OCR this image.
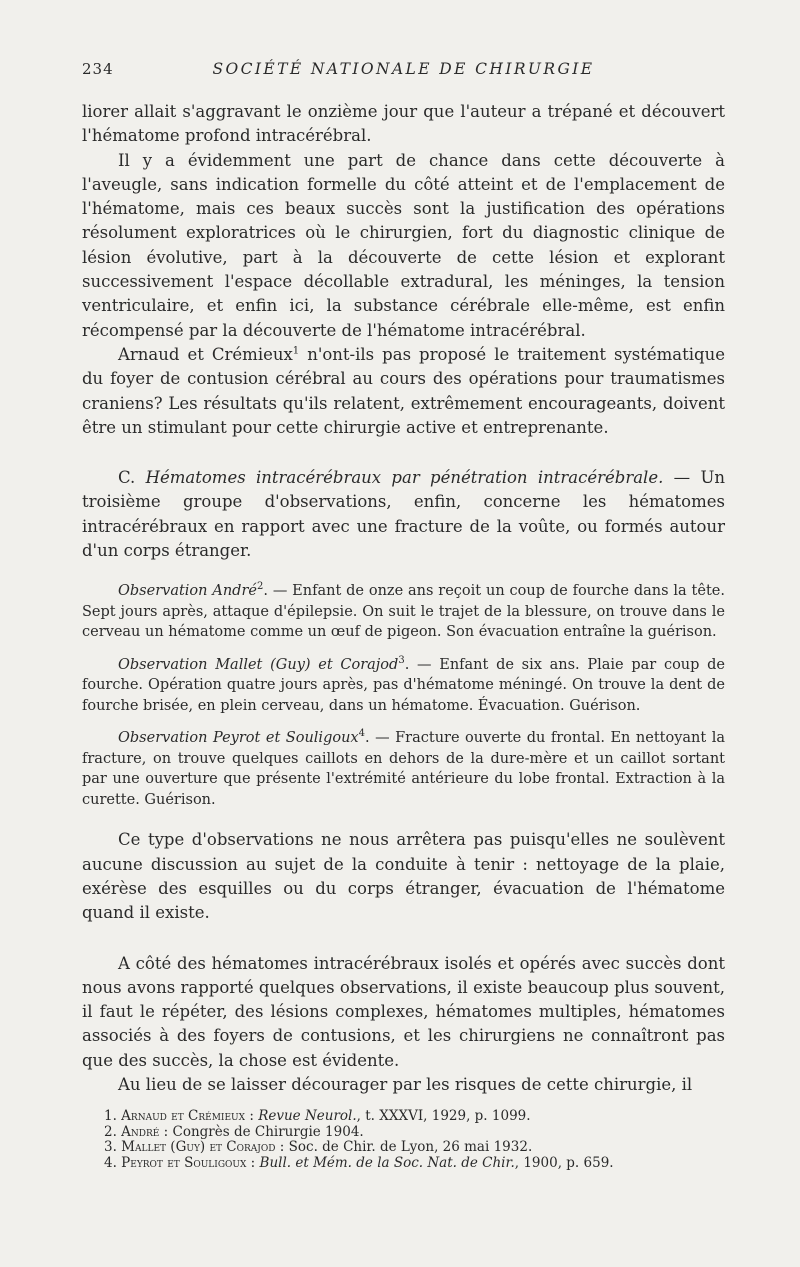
234	SOCIÉTÉ NATIONALE DE CHIRURGIE

liorer allait s'aggravant le onzième jour que l'auteur a trépané et découvert l'hématome profond intracérébral.

Il y a évidemment une part de chance dans cette découverte à l'aveugle, sans indication formelle du côté atteint et de l'emplacement de l'hématome, mais ces beaux succès sont la justification des opérations résolument exploratrices où le chirurgien, fort du diagnostic clinique de lésion évolutive, part à la découverte de cette lésion et explorant successivement l'espace décollable extradural, les méninges, la tension ventriculaire, et enfin ici, la substance cérébrale elle-même, est enfin récompensé par la découverte de l'hématome intracérébral.

Arnaud et Crémieux$^1$ n'ont-ils pas proposé le traitement systématique du foyer de contusion cérébral au cours des opérations pour traumatismes craniens? Les résultats qu'ils relatent, extrêmement encourageants, doivent être un stimulant pour cette chirurgie active et entreprenante.

C. Hématomes intracérébraux par pénétration intracérébrale. — Un troisième groupe d'observations, enfin, concerne les hématomes intracérébraux en rapport avec une fracture de la voûte, ou formés autour d'un corps étranger.

Observation André$^2$. — Enfant de onze ans reçoit un coup de fourche dans la tête. Sept jours après, attaque d'épilepsie. On suit le trajet de la blessure, on trouve dans le cerveau un hématome comme un œuf de pigeon. Son évacuation entraîne la guérison.

Observation Mallet (Guy) et Corajod$^3$. — Enfant de six ans. Plaie par coup de fourche. Opération quatre jours après, pas d'hématome méningé. On trouve la dent de fourche brisée, en plein cerveau, dans un hématome. Évacuation. Guérison.

Observation Peyrot et Souligoux$^4$. — Fracture ouverte du frontal. En nettoyant la fracture, on trouve quelques caillots en dehors de la dure-mère et un caillot sortant par une ouverture que présente l'extrémité antérieure du lobe frontal. Extraction à la curette. Guérison.

Ce type d'observations ne nous arrêtera pas puisqu'elles ne soulèvent aucune discussion au sujet de la conduite à tenir : nettoyage de la plaie, exérèse des esquilles ou du corps étranger, évacuation de l'hématome quand il existe.

A côté des hématomes intracérébraux isolés et opérés avec succès dont nous avons rapporté quelques observations, il existe beaucoup plus souvent, il faut le répéter, des lésions complexes, hématomes multiples, hématomes associés à des foyers de contusions, et les chirurgiens ne connaîtront pas que des succès, la chose est évidente.

Au lieu de se laisser décourager par les risques de cette chirurgie, il

1. Arnaud et Crémieux : Revue Neurol., t. XXXVI, 1929, p. 1099.
2. André : Congrès de Chirurgie 1904.
3. Mallet (Guy) et Corajod : Soc. de Chir. de Lyon, 26 mai 1932.
4. Peyrot et Souligoux : Bull. et Mém. de la Soc. Nat. de Chir., 1900, p. 659.
